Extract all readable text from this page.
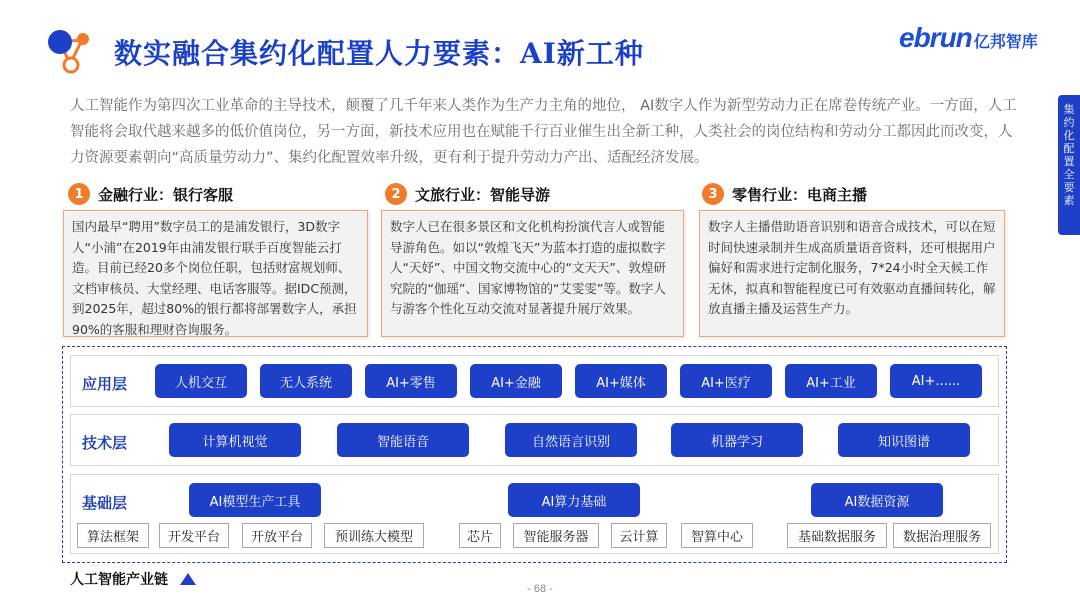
数实融合集约化配置人力要素：AI新工种	ebrun 亿邦智库
集
约
化
配
置
全
要
素

人工智能作为第四次工业革命的主导技术，颠覆了几千年来人类作为生产力主角的地位， AI数字人作为新型劳动力正在席卷传统产业。一方面，人工智能将会取代越来越多的低价值岗位，另一方面，新技术应用也在赋能千行百业催生出全新工种，人类社会的岗位结构和劳动分工都因此而改变，人力资源要素朝向“高质量劳动力”、集约化配置效率升级，更有利于提升劳动力产出、适配经济发展。

1 金融行业：银行客服
国内最早“聘用”数字员工的是浦发银行，3D数字人“小浦”在2019年由浦发银行联手百度智能云打造。目前已经20多个岗位任职，包括财富规划师、文档审核员、大堂经理、电话客服等。据IDC预测，到2025年，超过80%的银行都将部署数字人，承担90%的客服和理财咨询服务。
2 文旅行业：智能导游
数字人已在很多景区和文化机构扮演代言人或智能导游角色。如以“敦煌飞天”为蓝本打造的虚拟数字人“天妤”、中国文物交流中心的“文天天”、敦煌研究院的“伽瑶”、国家博物馆的“艾雯雯”等。数字人与游客个性化互动交流对显著提升展厅效果。
3 零售行业：电商主播
数字人主播借助语音识别和语音合成技术，可以在短时间快速录制并生成高质量语音资料，还可根据用户偏好和需求进行定制化服务，7*24小时全天候工作无休，拟真和智能程度已可有效驱动直播间转化，解放直播主播及运营生产力。
应用层	人机交互	无人系统	AI+零售	AI+金融	AI+媒体	AI+医疗	AI+工业	AI+......
技术层	计算机视觉	智能语音	自然语言识别	机器学习	知识图谱
基础层	AI模型生产工具	AI算力基础	AI数据资源
算法框架	开发平台	开放平台	预训练大模型	芯片	智能服务器	云计算	智算中心	基础数据服务	数据治理服务
人工智能产业链
- 68 -
